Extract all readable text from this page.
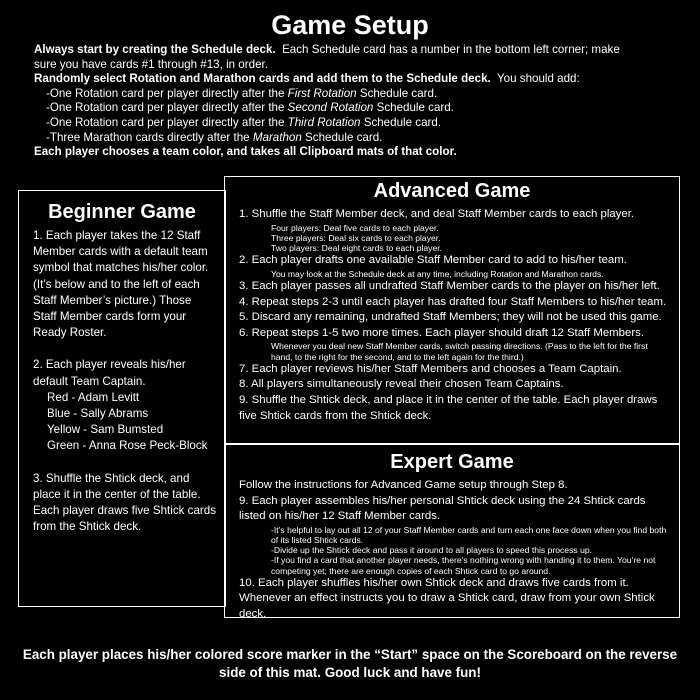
Game Setup
Always start by creating the Schedule deck. Each Schedule card has a number in the bottom left corner; make
sure you have cards #1 through #13, in order.
Randomly select Rotation and Marathon cards and add them to the Schedule deck. You should add:
-One Rotation card per player directly after the First Rotation Schedule card.
-One Rotation card per player directly after the Second Rotation Schedule card.
-One Rotation card per player directly after the Third Rotation Schedule card.
-Three Marathon cards directly after the Marathon Schedule card.
Each player chooses a team color, and takes all Clipboard mats of that color.
Beginner Game

1. Each player takes the 12 Staff Member cards with a default team symbol that matches his/her color. (It’s below and to the left of each Staff Member’s picture.) Those Staff Member cards form your Ready Roster.

2. Each player reveals his/her default Team Captain.

Red - Adam Levitt
Blue - Sally Abrams
Yellow - Sam Bumsted
Green - Anna Rose Peck-Block

3. Shuffle the Shtick deck, and place it in the center of the table. Each player draws five Shtick cards from the Shtick deck.

Advanced Game
1. Shuffle the Staff Member deck, and deal Staff Member cards to each player.
Four players: Deal five cards to each player.
Three players: Deal six cards to each player.
Two players: Deal eight cards to each player.
2. Each player drafts one available Staff Member card to add to his/her team.
You may look at the Schedule deck at any time, including Rotation and Marathon cards.
3. Each player passes all undrafted Staff Member cards to the player on his/her left.
4. Repeat steps 2-3 until each player has drafted four Staff Members to his/her team.
5. Discard any remaining, undrafted Staff Members; they will not be used this game.
6. Repeat steps 1-5 two more times. Each player should draft 12 Staff Members.
Whenever you deal new Staff Member cards, switch passing directions. (Pass to the left for the first hand, to the right for the second, and to the left again for the third.)
7. Each player reviews his/her Staff Members and chooses a Team Captain.
8. All players simultaneously reveal their chosen Team Captains.
9. Shuffle the Shtick deck, and place it in the center of the table. Each player draws five Shtick cards from the Shtick deck.
Expert Game
Follow the instructions for Advanced Game setup through Step 8.
9. Each player assembles his/her personal Shtick deck using the 24 Shtick cards listed on his/her 12 Staff Member cards.
-It’s helpful to lay out all 12 of your Staff Member cards and turn each one face down when you find both of its listed Shtick cards.
-Divide up the Shtick deck and pass it around to all players to speed this process up.
-If you find a card that another player needs, there’s nothing wrong with handing it to them. You’re not competing yet; there are enough copies of each Shtick card to go around.
10. Each player shuffles his/her own Shtick deck and draws five cards from it. Whenever an effect instructs you to draw a Shtick card, draw from your own Shtick deck.
Each player places his/her colored score marker in the “Start” space on the Scoreboard on the reverse side of this mat. Good luck and have fun!
